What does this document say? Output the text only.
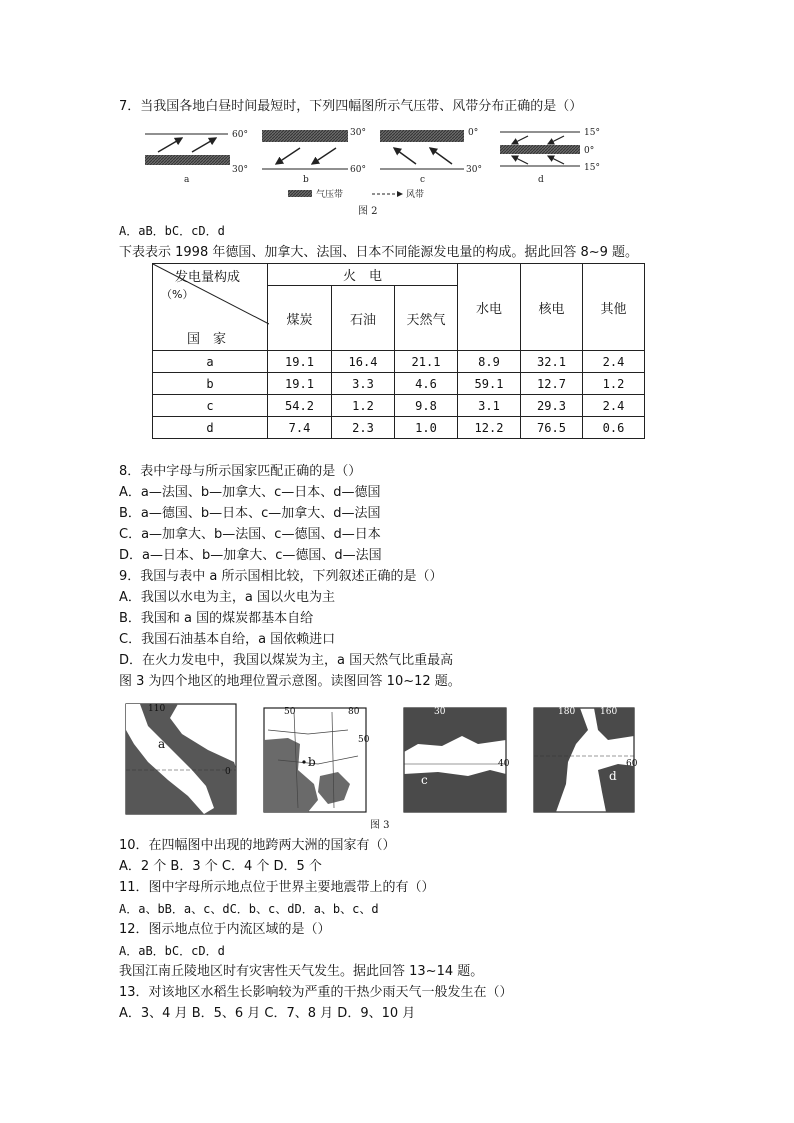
7．当我国各地白昼时间最短时，下列四幅图所示气压带、风带分布正确的是（）
60°
30°
a
30°
60°
b
0°
30°
c
15°
0°
15°
d
气压带	风带
图 2
A．aB．bC．cD．d
下表表示 1998 年德国、加拿大、法国、日本不同能源发电量的构成。据此回答 8~9 题。
发电量构成
（%）
国　家	火　电			水电	核电	其他
	煤炭	石油	天然气			
a	19.1	16.4	21.1	8.9	32.1	2.4
b	19.1	3.3	4.6	59.1	12.7	1.2
c	54.2	1.2	9.8	3.1	29.3	2.4
d	7.4	2.3	1.0	12.2	76.5	0.6
8．表中字母与所示国家匹配正确的是（）
A．a—法国、b—加拿大、c—日本、d—德国
B．a—德国、b—日本、c—加拿大、d—法国
C．a—加拿大、b—法国、c—德国、d—日本
D．a—日本、b—加拿大、c—德国、d—法国
9．我国与表中 a 所示国相比较，下列叙述正确的是（）
A．我国以水电为主，a 国以火电为主
B．我国和 a 国的煤炭都基本自给
C．我国石油基本自给，a 国依赖进口
D．在火力发电中，我国以煤炭为主，a 国天然气比重最高
图 3 为四个地区的地理位置示意图。读图回答 10~12 题。
110
0
a
50	80
50
b
30
40
c
180	160
60
d
图 3
10．在四幅图中出现的地跨两大洲的国家有（）
A．2 个 B．3 个 C．4 个 D．5 个
11．图中字母所示地点位于世界主要地震带上的有（）
A．a、bB．a、c、dC．b、c、dD．a、b、c、d
12．图示地点位于内流区域的是（）
A．aB．bC．cD．d
我国江南丘陵地区时有灾害性天气发生。据此回答 13~14 题。
13．对该地区水稻生长影响较为严重的干热少雨天气一般发生在（）
A．3、4 月 B．5、6 月 C．7、8 月 D．9、10 月
